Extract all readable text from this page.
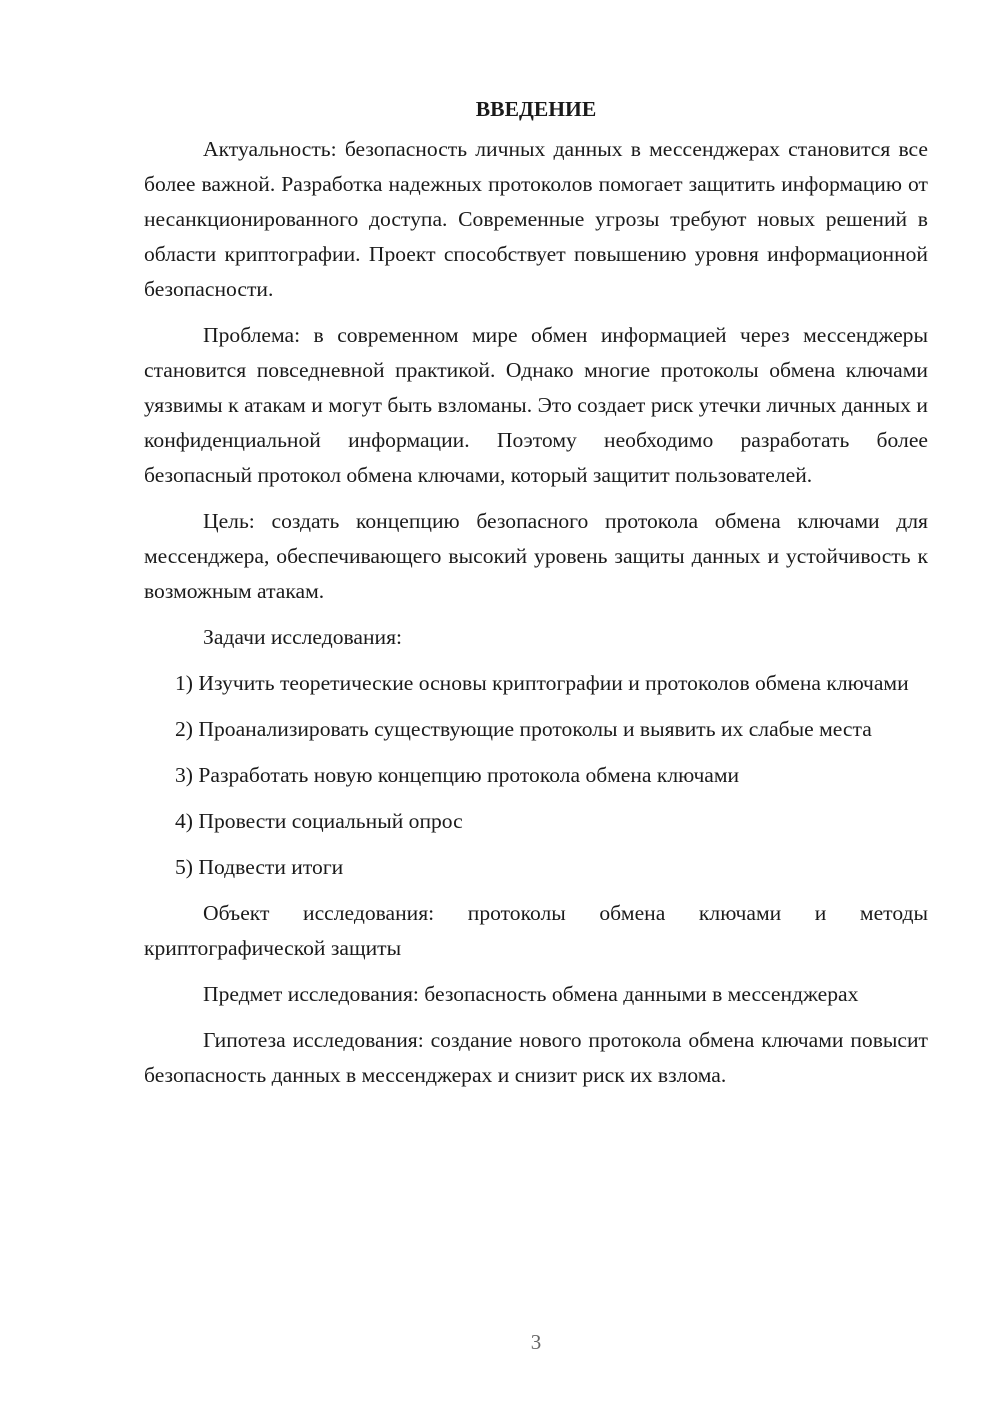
ВВЕДЕНИЕ

Актуальность: безопасность личных данных в мессенджерах становится все более важной. Разработка надежных протоколов помогает защитить информацию от несанкционированного доступа. Современные угрозы требуют новых решений в области криптографии. Проект способствует повышению уровня информационной безопасности.

Проблема: в современном мире обмен информацией через мессенджеры становится повседневной практикой. Однако многие протоколы обмена ключами уязвимы к атакам и могут быть взломаны. Это создает риск утечки личных данных и конфиденциальной информации. Поэтому необходимо разработать более безопасный протокол обмена ключами, который защитит пользователей.

Цель: создать концепцию безопасного протокола обмена ключами для мессенджера, обеспечивающего высокий уровень защиты данных и устойчивость к возможным атакам.

Задачи исследования:

1) Изучить теоретические основы криптографии и протоколов обмена ключами

2) Проанализировать существующие протоколы и выявить их слабые места

3) Разработать новую концепцию протокола обмена ключами

4) Провести социальный опрос

5) Подвести итоги

Объект исследования: протоколы обмена ключами и методы криптографической защиты

Предмет исследования: безопасность обмена данными в мессенджерах

Гипотеза исследования: создание нового протокола обмена ключами повысит безопасность данных в мессенджерах и снизит риск их взлома.

3
